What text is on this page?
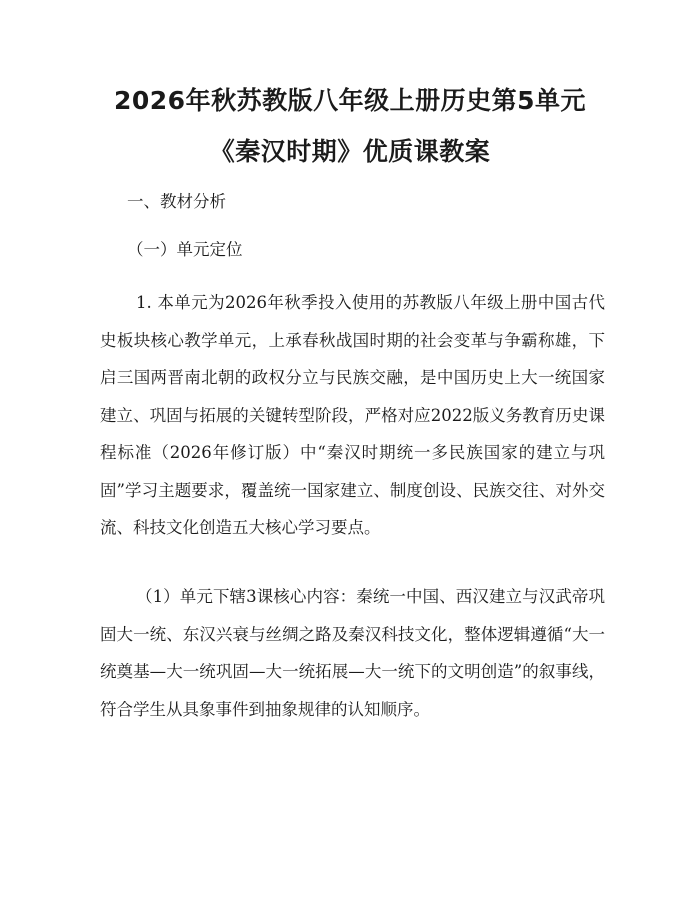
2026年秋苏教版八年级上册历史第5单元
《秦汉时期》优质课教案
一、教材分析
（一）单元定位
1. 本单元为2026年秋季投入使用的苏教版八年级上册中国古代史板块核心教学单元，上承春秋战国时期的社会变革与争霸称雄，下启三国两晋南北朝的政权分立与民族交融，是中国历史上大一统国家建立、巩固与拓展的关键转型阶段，严格对应2022版义务教育历史课程标准（2026年修订版）中“秦汉时期统一多民族国家的建立与巩固”学习主题要求，覆盖统一国家建立、制度创设、民族交往、对外交流、科技文化创造五大核心学习要点。
（1）单元下辖3课核心内容：秦统一中国、西汉建立与汉武帝巩固大一统、东汉兴衰与丝绸之路及秦汉科技文化，整体逻辑遵循“大一统奠基—大一统巩固—大一统拓展—大一统下的文明创造”的叙事线，符合学生从具象事件到抽象规律的认知顺序。
